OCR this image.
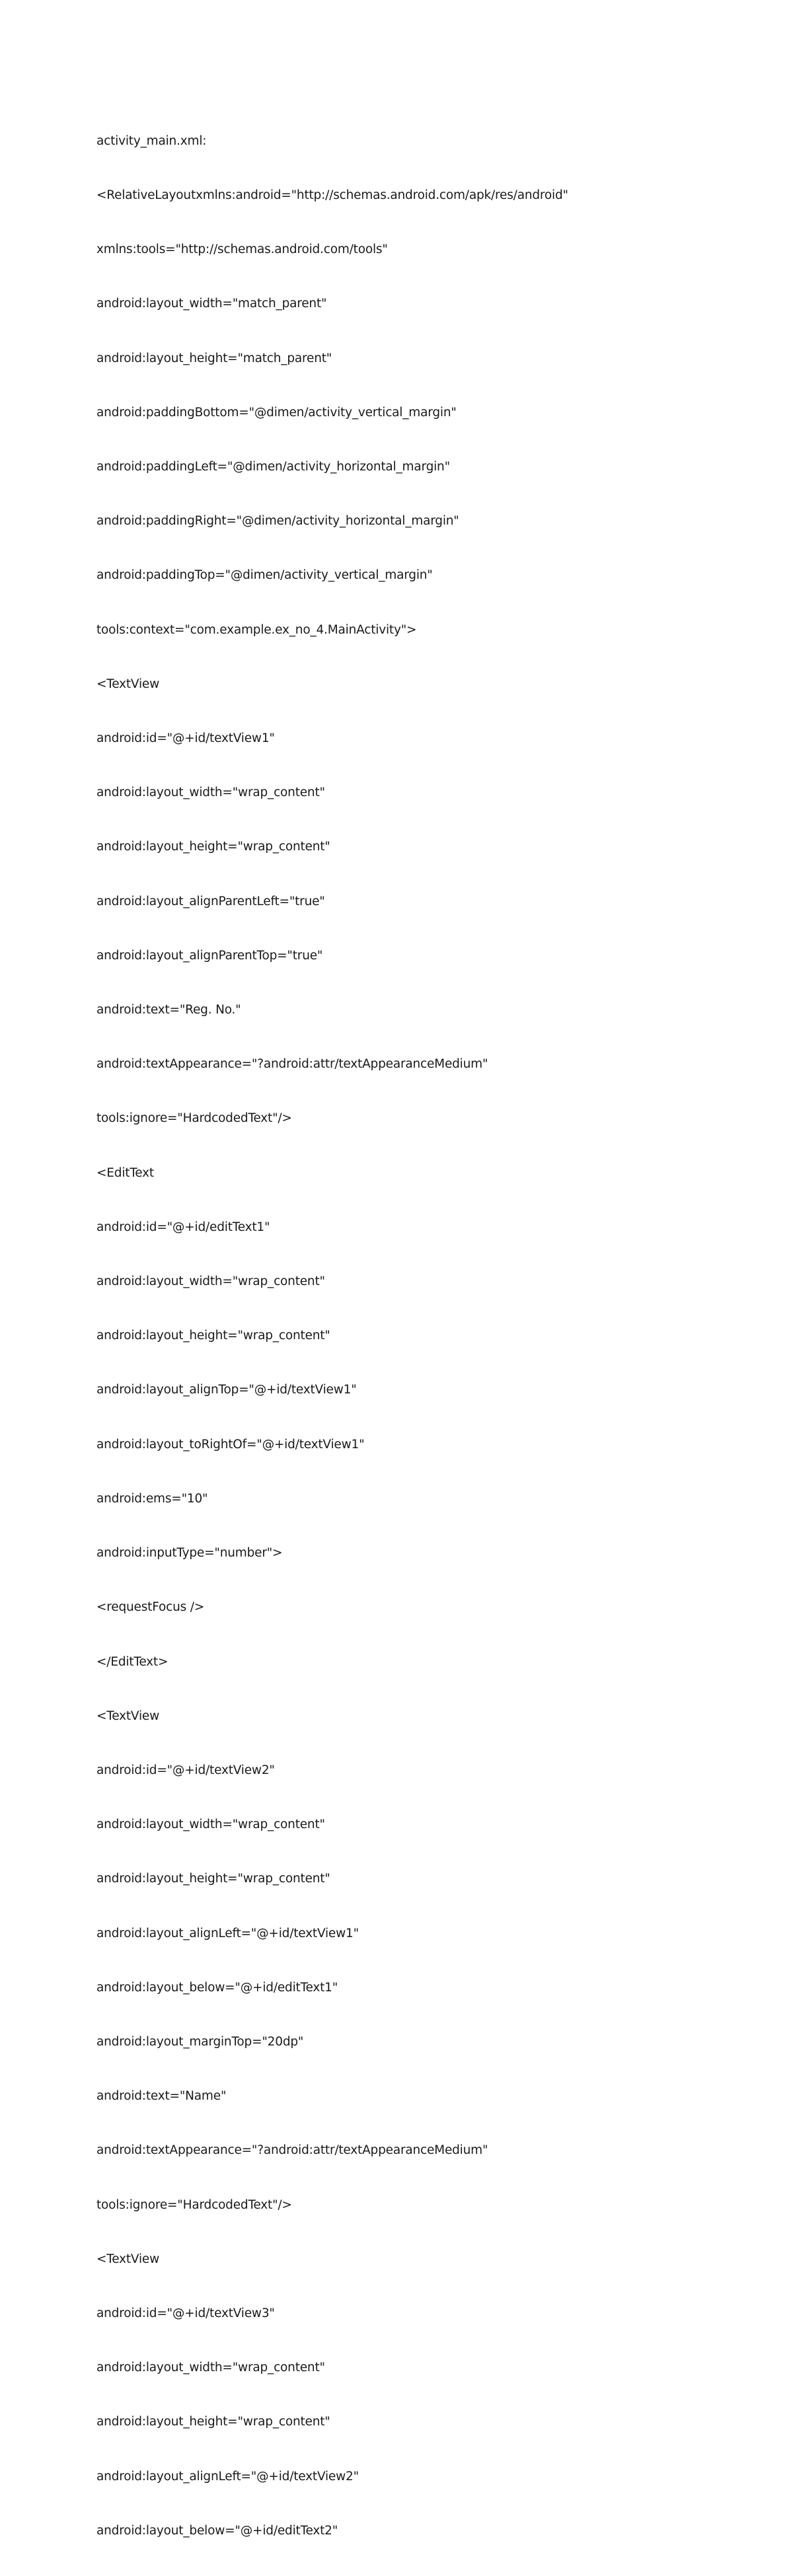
activity_main.xml:

<RelativeLayoutxmlns:android="http://schemas.android.com/apk/res/android"

xmlns:tools="http://schemas.android.com/tools"

android:layout_width="match_parent"

android:layout_height="match_parent"

android:paddingBottom="@dimen/activity_vertical_margin"

android:paddingLeft="@dimen/activity_horizontal_margin"

android:paddingRight="@dimen/activity_horizontal_margin"

android:paddingTop="@dimen/activity_vertical_margin"

tools:context="com.example.ex_no_4.MainActivity">

<TextView

android:id="@+id/textView1"

android:layout_width="wrap_content"

android:layout_height="wrap_content"

android:layout_alignParentLeft="true"

android:layout_alignParentTop="true"

android:text="Reg. No."

android:textAppearance="?android:attr/textAppearanceMedium"

tools:ignore="HardcodedText"/>

<EditText

android:id="@+id/editText1"

android:layout_width="wrap_content"

android:layout_height="wrap_content"

android:layout_alignTop="@+id/textView1"

android:layout_toRightOf="@+id/textView1"

android:ems="10"

android:inputType="number">

<requestFocus />

</EditText>

<TextView

android:id="@+id/textView2"

android:layout_width="wrap_content"

android:layout_height="wrap_content"

android:layout_alignLeft="@+id/textView1"

android:layout_below="@+id/editText1"

android:layout_marginTop="20dp"

android:text="Name"

android:textAppearance="?android:attr/textAppearanceMedium"

tools:ignore="HardcodedText"/>

<TextView

android:id="@+id/textView3"

android:layout_width="wrap_content"

android:layout_height="wrap_content"

android:layout_alignLeft="@+id/textView2"

android:layout_below="@+id/editText2"
